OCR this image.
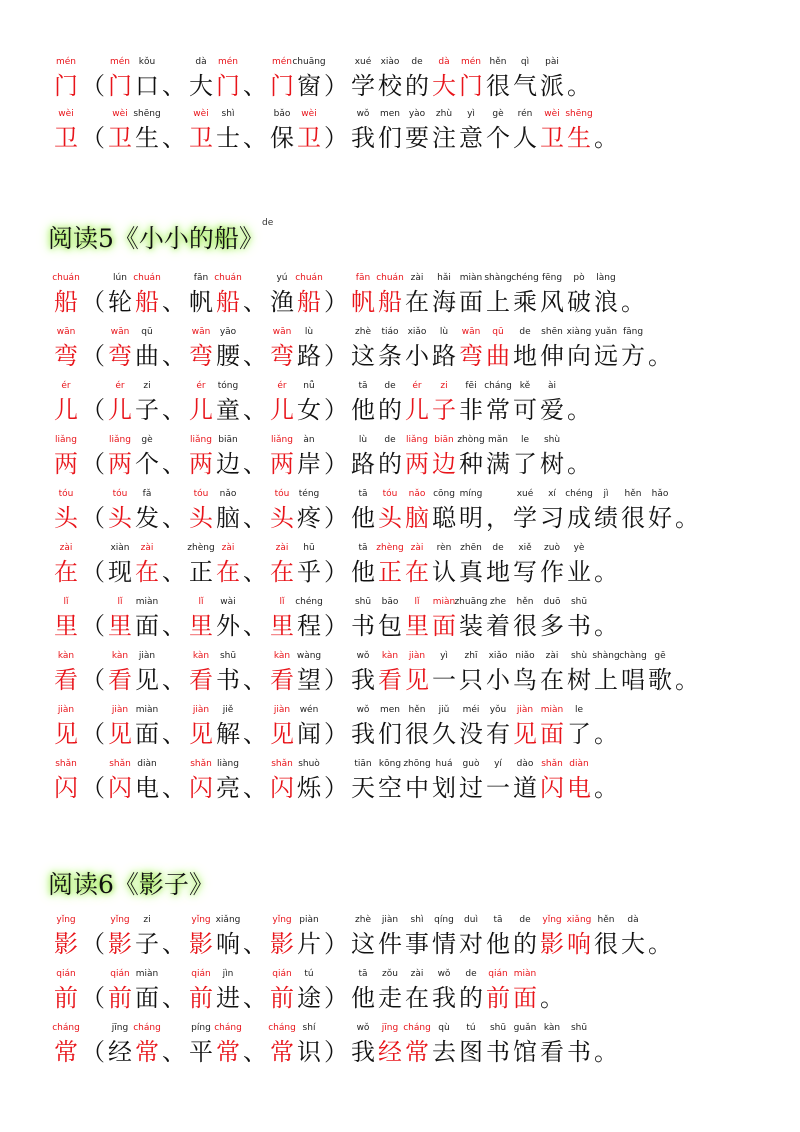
mén
门 （
mén
门
kǒu
口 、
dà
大
mén
门 、
mén
门
chuāng
窗 ）
xué
学
xiào
校
de
的
dà
大
mén
门
hěn
很
qì
气
pài
派 。
wèi
卫 （
wèi
卫
shēng
生 、
wèi
卫
shì
士 、
bǎo
保
wèi
卫 ）
wǒ
我
men
们
yào
要
zhù
注
yì
意
gè
个
rén
人
wèi
卫
shēng
生 。
阅读5《小小的船》
de
chuán
船 （
lún
轮
chuán
船 、
fān
帆
chuán
船 、
yú
渔
chuán
船 ）
fān
帆
chuán
船
zài
在
hǎi
海
miàn
面
shàng
上
chéng
乘
fēng
风
pò
破
làng
浪 。
wān
弯 （
wān
弯
qū
曲 、
wān
弯
yāo
腰 、
wān
弯
lù
路 ）
zhè
这
tiáo
条
xiǎo
小
lù
路
wān
弯
qū
曲
de
地
shēn
伸
xiàng
向
yuǎn
远
fāng
方 。
ér
儿 （
ér
儿
zi
子 、
ér
儿
tóng
童 、
ér
儿
nǚ
女 ）
tā
他
de
的
ér
儿
zi
子
fēi
非
cháng
常
kě
可
ài
爱 。
liǎng
两 （
liǎng
两
gè
个 、
liǎng
两
biān
边 、
liǎng
两
àn
岸 ）
lù
路
de
的
liǎng
两
biān
边
zhòng
种
mǎn
满
le
了
shù
树 。
tóu
头 （
tóu
头
fǎ
发 、
tóu
头
nǎo
脑 、
tóu
头
téng
疼 ）
tā
他
tóu
头
nǎo
脑
cōng
聪
míng
明 ，
xué
学
xí
习
chéng
成
jì
绩
hěn
很
hǎo
好 。
zài
在 （
xiàn
现
zài
在 、
zhèng
正
zài
在 、
zài
在
hū
乎 ）
tā
他
zhèng
正
zài
在
rèn
认
zhēn
真
de
地
xiě
写
zuò
作
yè
业 。
lǐ
里 （
lǐ
里
miàn
面 、
lǐ
里
wài
外 、
lǐ
里
chéng
程 ）
shū
书
bāo
包
lǐ
里
miàn
面
zhuāng
装
zhe
着
hěn
很
duō
多
shū
书 。
kàn
看 （
kàn
看
jiàn
见 、
kàn
看
shū
书 、
kàn
看
wàng
望 ）
wǒ
我
kàn
看
jiàn
见
yì
一
zhī
只
xiǎo
小
niǎo
鸟
zài
在
shù
树
shàng
上
chàng
唱
gē
歌 。
jiàn
见 （
jiàn
见
miàn
面 、
jiàn
见
jiě
解 、
jiàn
见
wén
闻 ）
wǒ
我
men
们
hěn
很
jiǔ
久
méi
没
yǒu
有
jiàn
见
miàn
面
le
了 。
shǎn
闪 （
shǎn
闪
diàn
电 、
shǎn
闪
liàng
亮 、
shǎn
闪
shuò
烁 ）
tiān
天
kōng
空
zhōng
中
huá
划
guò
过
yí
一
dào
道
shǎn
闪
diàn
电 。
阅读6《影子》
yǐng
影 （
yǐng
影
zi
子 、
yǐng
影
xiǎng
响 、
yǐng
影
piàn
片 ）
zhè
这
jiàn
件
shì
事
qíng
情
duì
对
tā
他
de
的
yǐng
影
xiǎng
响
hěn
很
dà
大 。
qián
前 （
qián
前
miàn
面 、
qián
前
jìn
进 、
qián
前
tú
途 ）
tā
他
zǒu
走
zài
在
wǒ
我
de
的
qián
前
miàn
面 。
cháng
常 （
jīng
经
cháng
常 、
píng
平
cháng
常 、
cháng
常
shí
识 ）
wǒ
我
jīng
经
cháng
常
qù
去
tú
图
shū
书
guǎn
馆
kàn
看
shū
书 。
